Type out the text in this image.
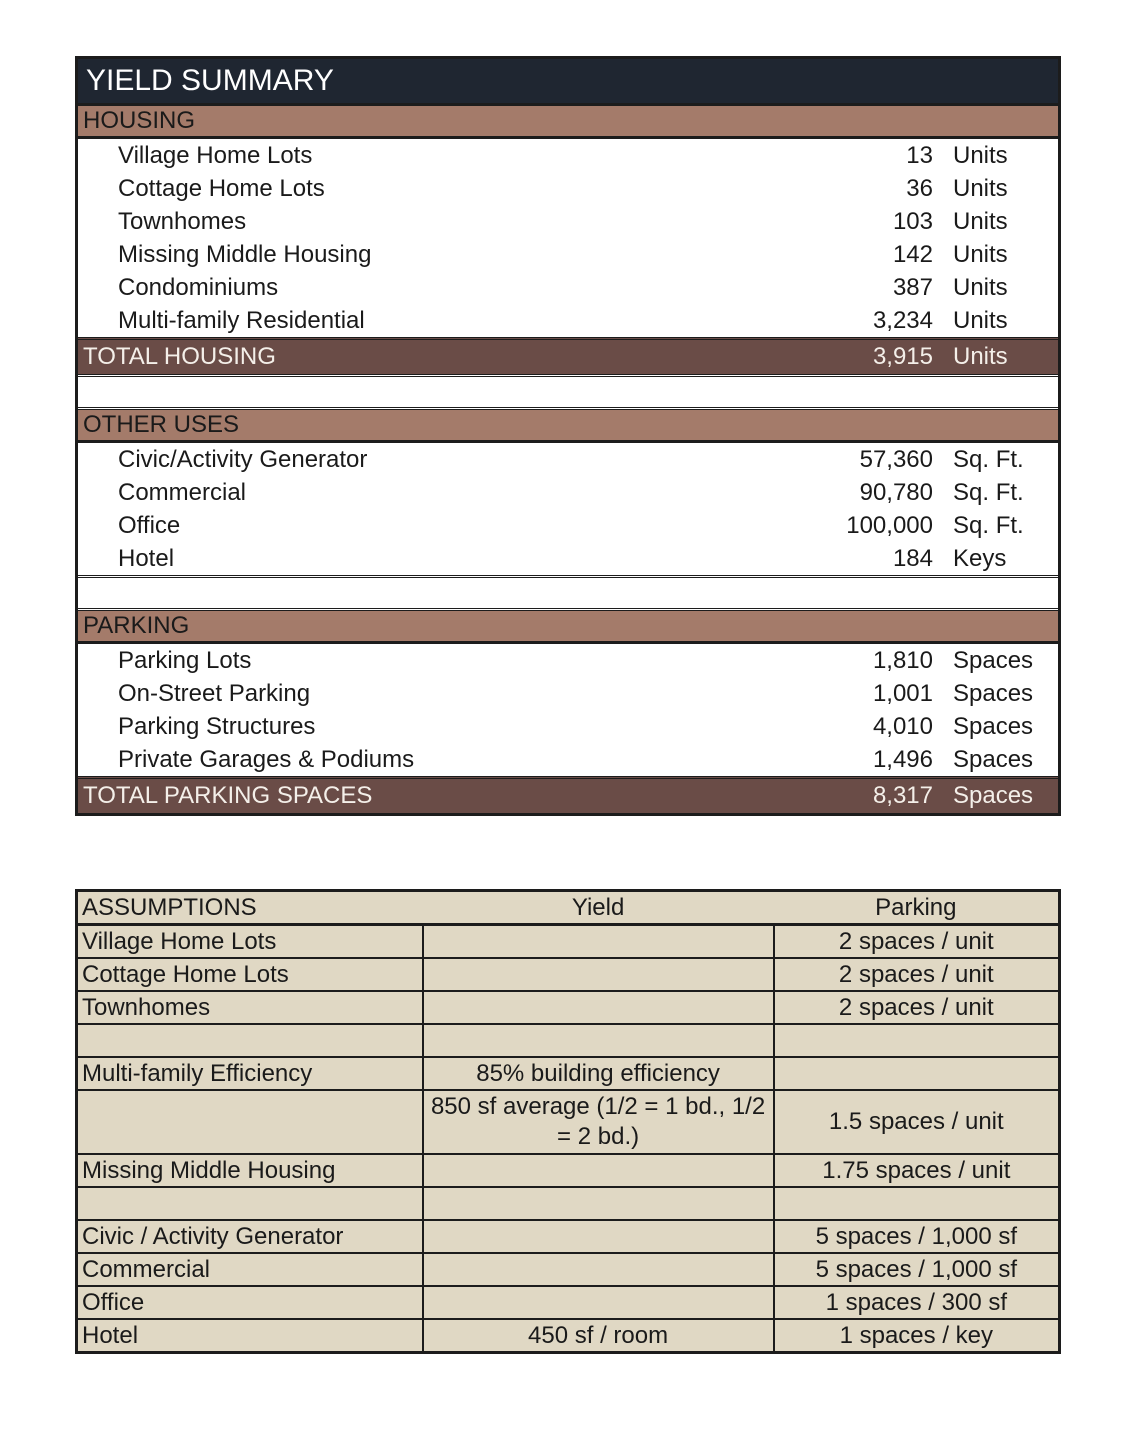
YIELD SUMMARY
HOUSING
Village Home Lots	13 Units
Cottage Home Lots	36 Units
Townhomes	103 Units
Missing Middle Housing	142 Units
Condominiums	387 Units
Multi-family Residential	3,234 Units
TOTAL HOUSING	3,915 Units
OTHER USES
Civic/Activity Generator	57,360 Sq. Ft.
Commercial	90,780 Sq. Ft.
Office	100,000 Sq. Ft.
Hotel	184 Keys
PARKING
Parking Lots	1,810 Spaces
On-Street Parking	1,001 Spaces
Parking Structures	4,010 Spaces
Private Garages & Podiums	1,496 Spaces
TOTAL PARKING SPACES	8,317 Spaces
ASSUMPTIONS	Yield	Parking
Village Home Lots		2 spaces / unit
Cottage Home Lots		2 spaces / unit
Townhomes		2 spaces / unit

Multi-family Efficiency	85% building efficiency	
	850 sf average (1/2 = 1 bd., 1/2 = 2 bd.)	1.5 spaces / unit
Missing Middle Housing		1.75 spaces / unit

Civic / Activity Generator		5 spaces / 1,000 sf
Commercial		5 spaces / 1,000 sf
Office		1 spaces / 300 sf
Hotel	450 sf / room	1 spaces / key
